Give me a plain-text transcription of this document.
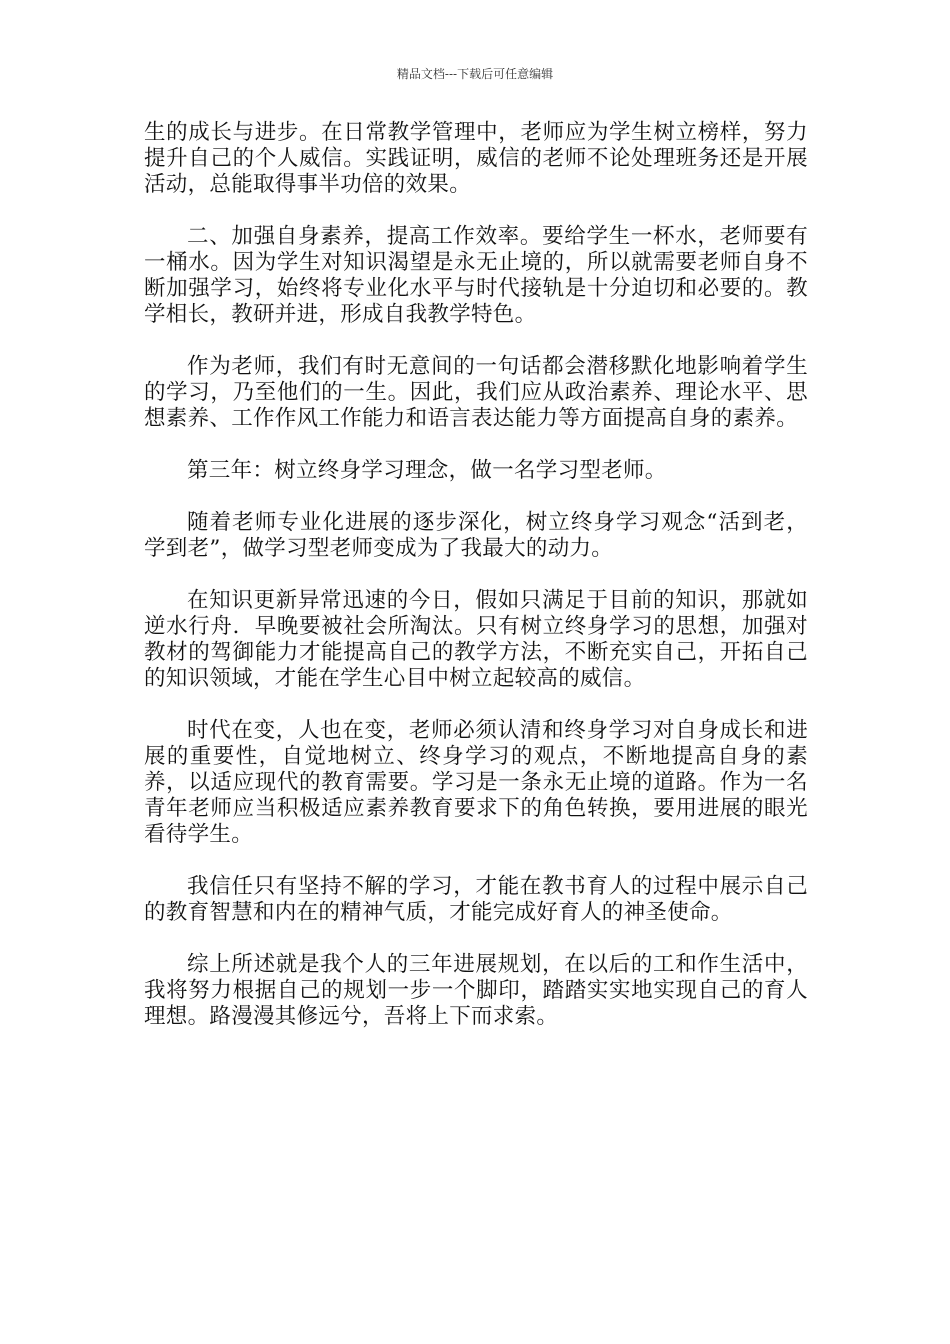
精品文档---下载后可任意编辑

生的成长与进步。在日常教学管理中，老师应为学生树立榜样，努力提升自己的个人威信。实践证明，威信的老师不论处理班务还是开展活动，总能取得事半功倍的效果。

二、加强自身素养，提高工作效率。要给学生一杯水，老师要有一桶水。因为学生对知识渴望是永无止境的，所以就需要老师自身不断加强学习，始终将专业化水平与时代接轨是十分迫切和必要的。教学相长，教研并进，形成自我教学特色。

作为老师，我们有时无意间的一句话都会潜移默化地影响着学生的学习，乃至他们的一生。因此，我们应从政治素养、理论水平、思想素养、工作作风工作能力和语言表达能力等方面提高自身的素养。

第三年：树立终身学习理念，做一名学习型老师。

随着老师专业化进展的逐步深化，树立终身学习观念“活到老，学到老”，做学习型老师变成为了我最大的动力。

在知识更新异常迅速的今日，假如只满足于目前的知识，那就如逆水行舟．早晚要被社会所淘汰。只有树立终身学习的思想，加强对教材的驾御能力才能提高自己的教学方法，不断充实自己，开拓自己的知识领域，才能在学生心目中树立起较高的威信。

时代在变，人也在变，老师必须认清和终身学习对自身成长和进展的重要性，自觉地树立、终身学习的观点，不断地提高自身的素养，以适应现代的教育需要。学习是一条永无止境的道路。作为一名青年老师应当积极适应素养教育要求下的角色转换，要用进展的眼光看待学生。

我信任只有坚持不解的学习，才能在教书育人的过程中展示自己的教育智慧和内在的精神气质，才能完成好育人的神圣使命。

综上所述就是我个人的三年进展规划，在以后的工和作生活中，我将努力根据自己的规划一步一个脚印，踏踏实实地实现自己的育人理想。路漫漫其修远兮，吾将上下而求索。
